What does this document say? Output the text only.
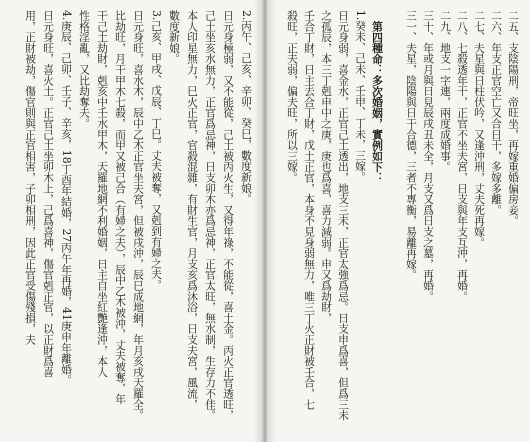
2.丙午、己亥、辛卯、癸巳，數度新娘。
日元身極弱，又不能從，己土被丙火生，又得年祿，不能從，喜土金。丙火正官透旺，
己土坐亥水無力，正官爲忌神，日支卯木亦爲忌神，正官太旺，無水制，生存力不佳。
本人印星無力，巳火正官，官殺混雜，有財生官，月支亥爲沐浴，日支夫宮，風流，
數度新娘。
3.己亥、甲戌、戊辰、丁巳。丈夫被奪，又剋到有婦之夫。
日元身旺，喜水木，辰中乙木正官坐夫宮，但被戌沖，辰巳成地網，年月亥戌天羅全。
比劫旺，月干甲木七殺，而甲又被己合（有婦之夫），辰中乙木被沖，丈夫被奪，年
干己土劫財，剋亥中壬水甲木，天羅地網不利婚姻，日主自坐紅艷逢沖，本人
性格淫亂，又比劫奪夫。
4.庚辰、己卯、壬子、辛亥，18丁酉年結婚，27丙午年再婚，41庚申年離婚。
日元身旺，喜火土。正官己土坐卯木上，己爲喜神，傷官剋正官，以正財爲喜
用，正財被劫，傷官則與正官相害，子卯相刑，因此正官受傷殘損，夫	二五、支陰陽刑，帝旺坐，再嫁重婚偏房妾。
二六、年支正官空亡又合日干，多嫁多離。
二七、夫星與日柱伏吟，又逢沖刑，丈夫死再嫁。
二八、七殺透年干，正官不坐夫宮，日支與年支互沖，再婚。
二九、地支一字連，兩度成婚事。
三十、年或月與日見辰戌丑未全，月支又爲日支之墓，再婚。
三一、夫星，陰陽與日干合德，三者不專衡，易離再嫁。
第四種命：多次婚姻，實例如下：
1.癸未、己未、壬申、丁未，三嫁。
日元身弱，喜金水，正官己土透出，地支三未，正官太強爲忌。日支申爲喜，但爲三未
之孤辰，本三丁剋申中之庚，庚也爲喜，喜力減弱。申又爲劫財，
壬合丁財，日主去合丁財，戊土正官，本身不見身弱無力，唯三丁火正財被壬合，七
殺旺，正夫弱，偏夫旺，所以三嫁。
